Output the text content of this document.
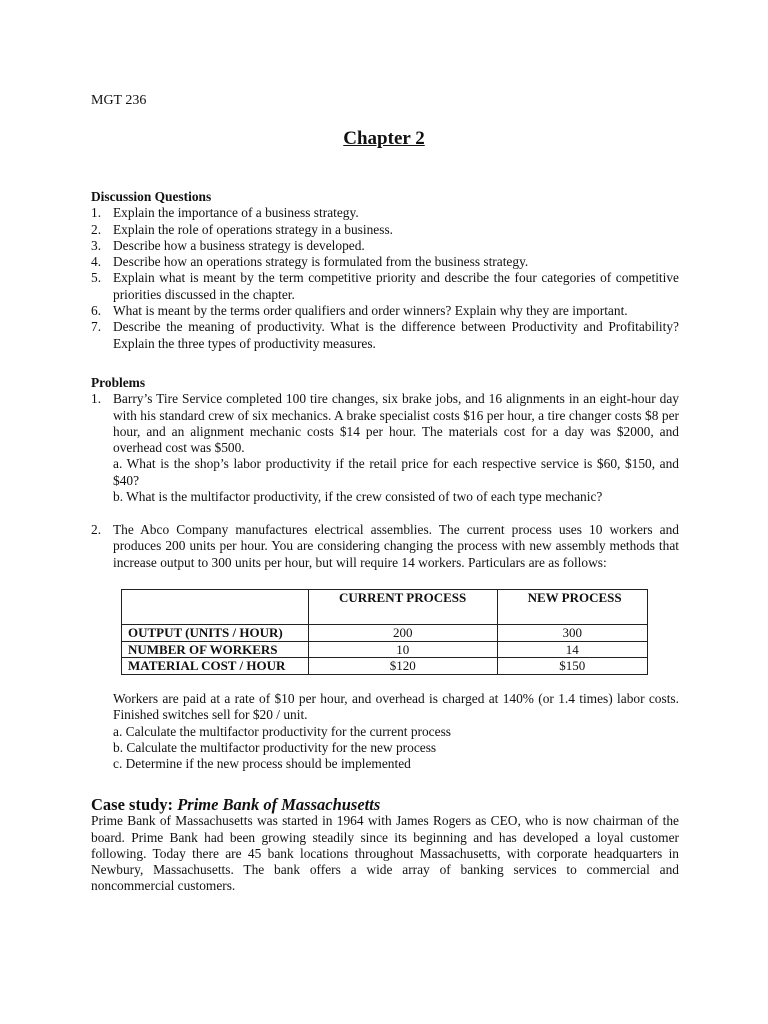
MGT 236
Chapter 2
Discussion Questions
1. Explain the importance of a business strategy.
2. Explain the role of operations strategy in a business.
3. Describe how a business strategy is developed.
4. Describe how an operations strategy is formulated from the business strategy.
5. Explain what is meant by the term competitive priority and describe the four categories of competitive priorities discussed in the chapter.
6. What is meant by the terms order qualifiers and order winners? Explain why they are important.
7. Describe the meaning of productivity. What is the difference between Productivity and Profitability? Explain the three types of productivity measures.
Problems
1. Barry’s Tire Service completed 100 tire changes, six brake jobs, and 16 alignments in an eight-hour day with his standard crew of six mechanics. A brake specialist costs $16 per hour, a tire changer costs $8 per hour, and an alignment mechanic costs $14 per hour. The materials cost for a day was $2000, and overhead cost was $500.
a. What is the shop’s labor productivity if the retail price for each respective service is $60, $150, and $40?
b. What is the multifactor productivity, if the crew consisted of two of each type mechanic?
2. The Abco Company manufactures electrical assemblies. The current process uses 10 workers and produces 200 units per hour. You are considering changing the process with new assembly methods that increase output to 300 units per hour, but will require 14 workers. Particulars are as follows:
	CURRENT PROCESS	NEW PROCESS
OUTPUT (UNITS / HOUR)	200	300
NUMBER OF WORKERS	10	14
MATERIAL COST / HOUR	$120	$150

Workers are paid at a rate of $10 per hour, and overhead is charged at 140% (or 1.4 times) labor costs. Finished switches sell for $20 / unit.

a. Calculate the multifactor productivity for the current process
b. Calculate the multifactor productivity for the new process
c. Determine if the new process should be implemented
Case study: Prime Bank of Massachusetts

Prime Bank of Massachusetts was started in 1964 with James Rogers as CEO, who is now chairman of the board. Prime Bank had been growing steadily since its beginning and has developed a loyal customer following. Today there are 45 bank locations throughout Massachusetts, with corporate headquarters in Newbury, Massachusetts. The bank offers a wide array of banking services to commercial and noncommercial customers.
